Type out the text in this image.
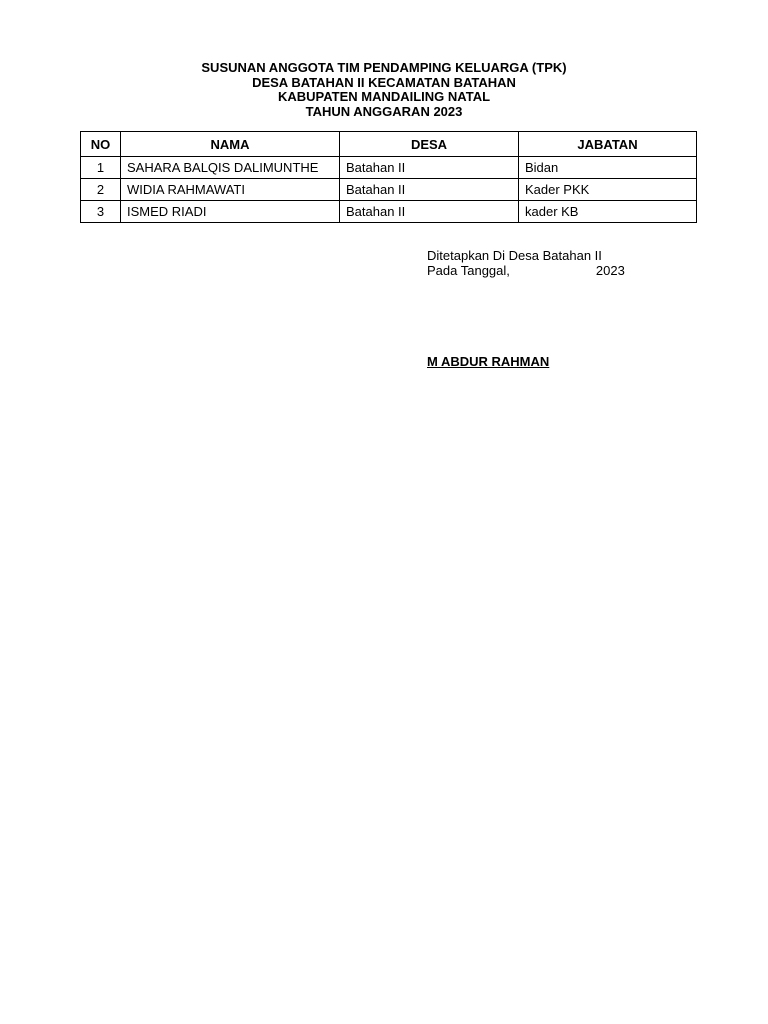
SUSUNAN ANGGOTA TIM PENDAMPING KELUARGA (TPK)
DESA BATAHAN II KECAMATAN BATAHAN
KABUPATEN MANDAILING NATAL
TAHUN ANGGARAN 2023
NO	NAMA	DESA	JABATAN
1	SAHARA BALQIS DALIMUNTHE	Batahan II	Bidan
2	WIDIA RAHMAWATI	Batahan II	Kader PKK
3	ISMED RIADI	Batahan II	kader KB
Ditetapkan Di Desa Batahan II
Pada Tanggal,	2023
M ABDUR RAHMAN
